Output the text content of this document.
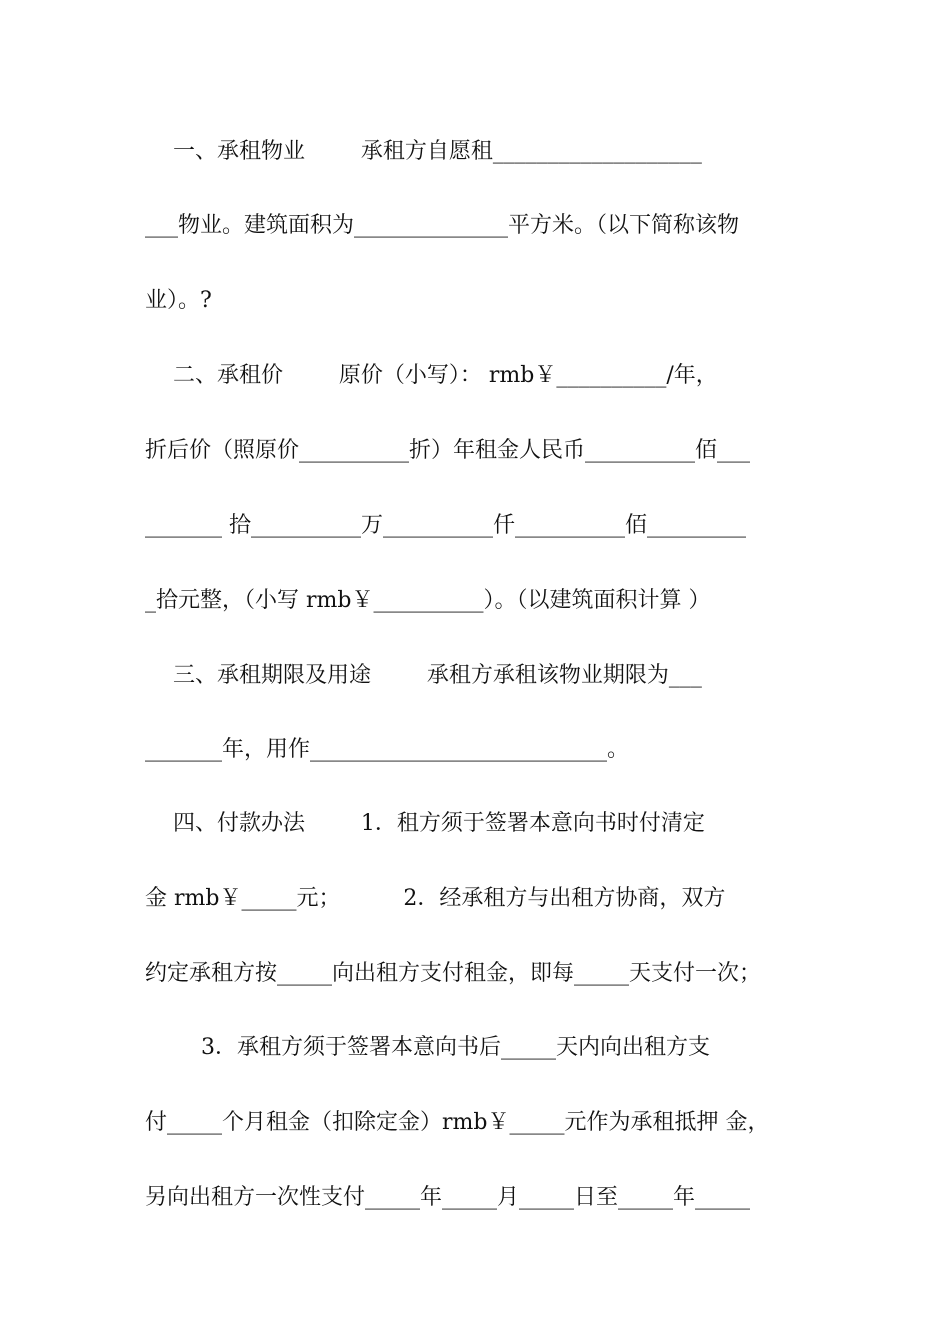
一、承租物业        承租方自愿租___________________
___物业。建筑面积为______________平方米。（以下简称该物
业）。?
二、承租价        原价（小写）： rmb￥__________/年，
折后价（照原价__________折）年租金人民币__________佰___
_______ 拾__________万__________仟__________佰_________
_拾元整，（小写 rmb￥__________）。（以建筑面积计算 ）
三、承租期限及用途        承租方承租该物业期限为___
_______年，用作___________________________。
四、付款办法        1．租方须于签署本意向书时付清定
金 rmb￥_____元；         2．经承租方与出租方协商，双方
约定承租方按_____向出租方支付租金，即每_____天支付一次；
3．承租方须于签署本意向书后_____天内向出租方支
付_____个月租金（扣除定金）rmb￥_____元作为承租抵押 金，
另向出租方一次性支付_____年_____月_____日至_____年_____
